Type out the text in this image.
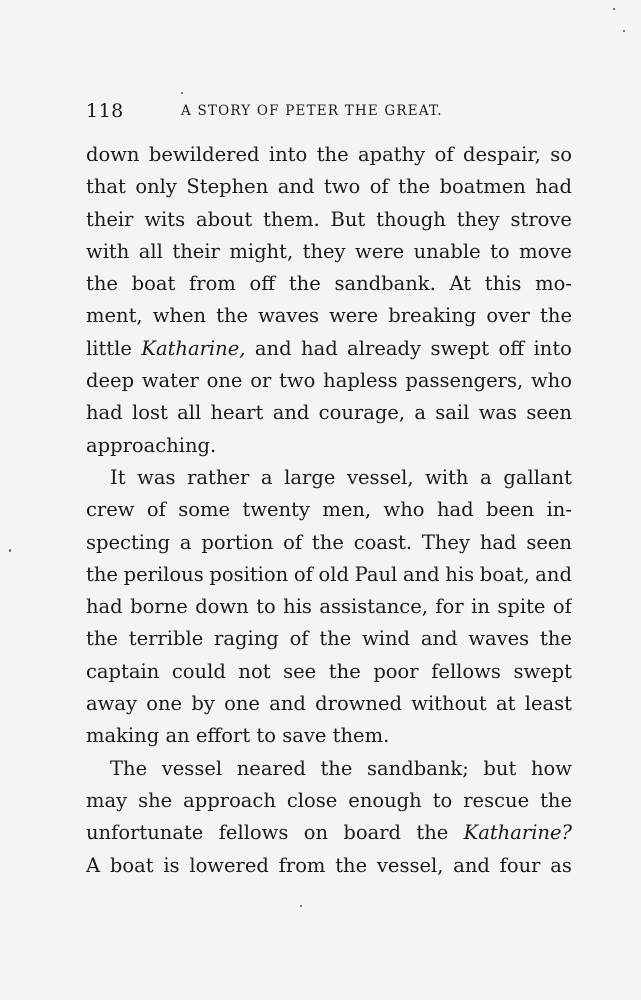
118	A STORY OF PETER THE GREAT.
down bewildered into the apathy of despair, so
that only Stephen and two of the boatmen had
their wits about them. But though they strove
with all their might, they were unable to move
the boat from off the sandbank. At this mo-
ment, when the waves were breaking over the
little Katharine, and had already swept off into
deep water one or two hapless passengers, who
had lost all heart and courage, a sail was seen
approaching.
It was rather a large vessel, with a gallant
crew of some twenty men, who had been in-
specting a portion of the coast. They had seen
the perilous position of old Paul and his boat, and
had borne down to his assistance, for in spite of
the terrible raging of the wind and waves the
captain could not see the poor fellows swept
away one by one and drowned without at least
making an effort to save them.
The vessel neared the sandbank; but how
may she approach close enough to rescue the
unfortunate fellows on board the Katharine?
A boat is lowered from the vessel, and four as
